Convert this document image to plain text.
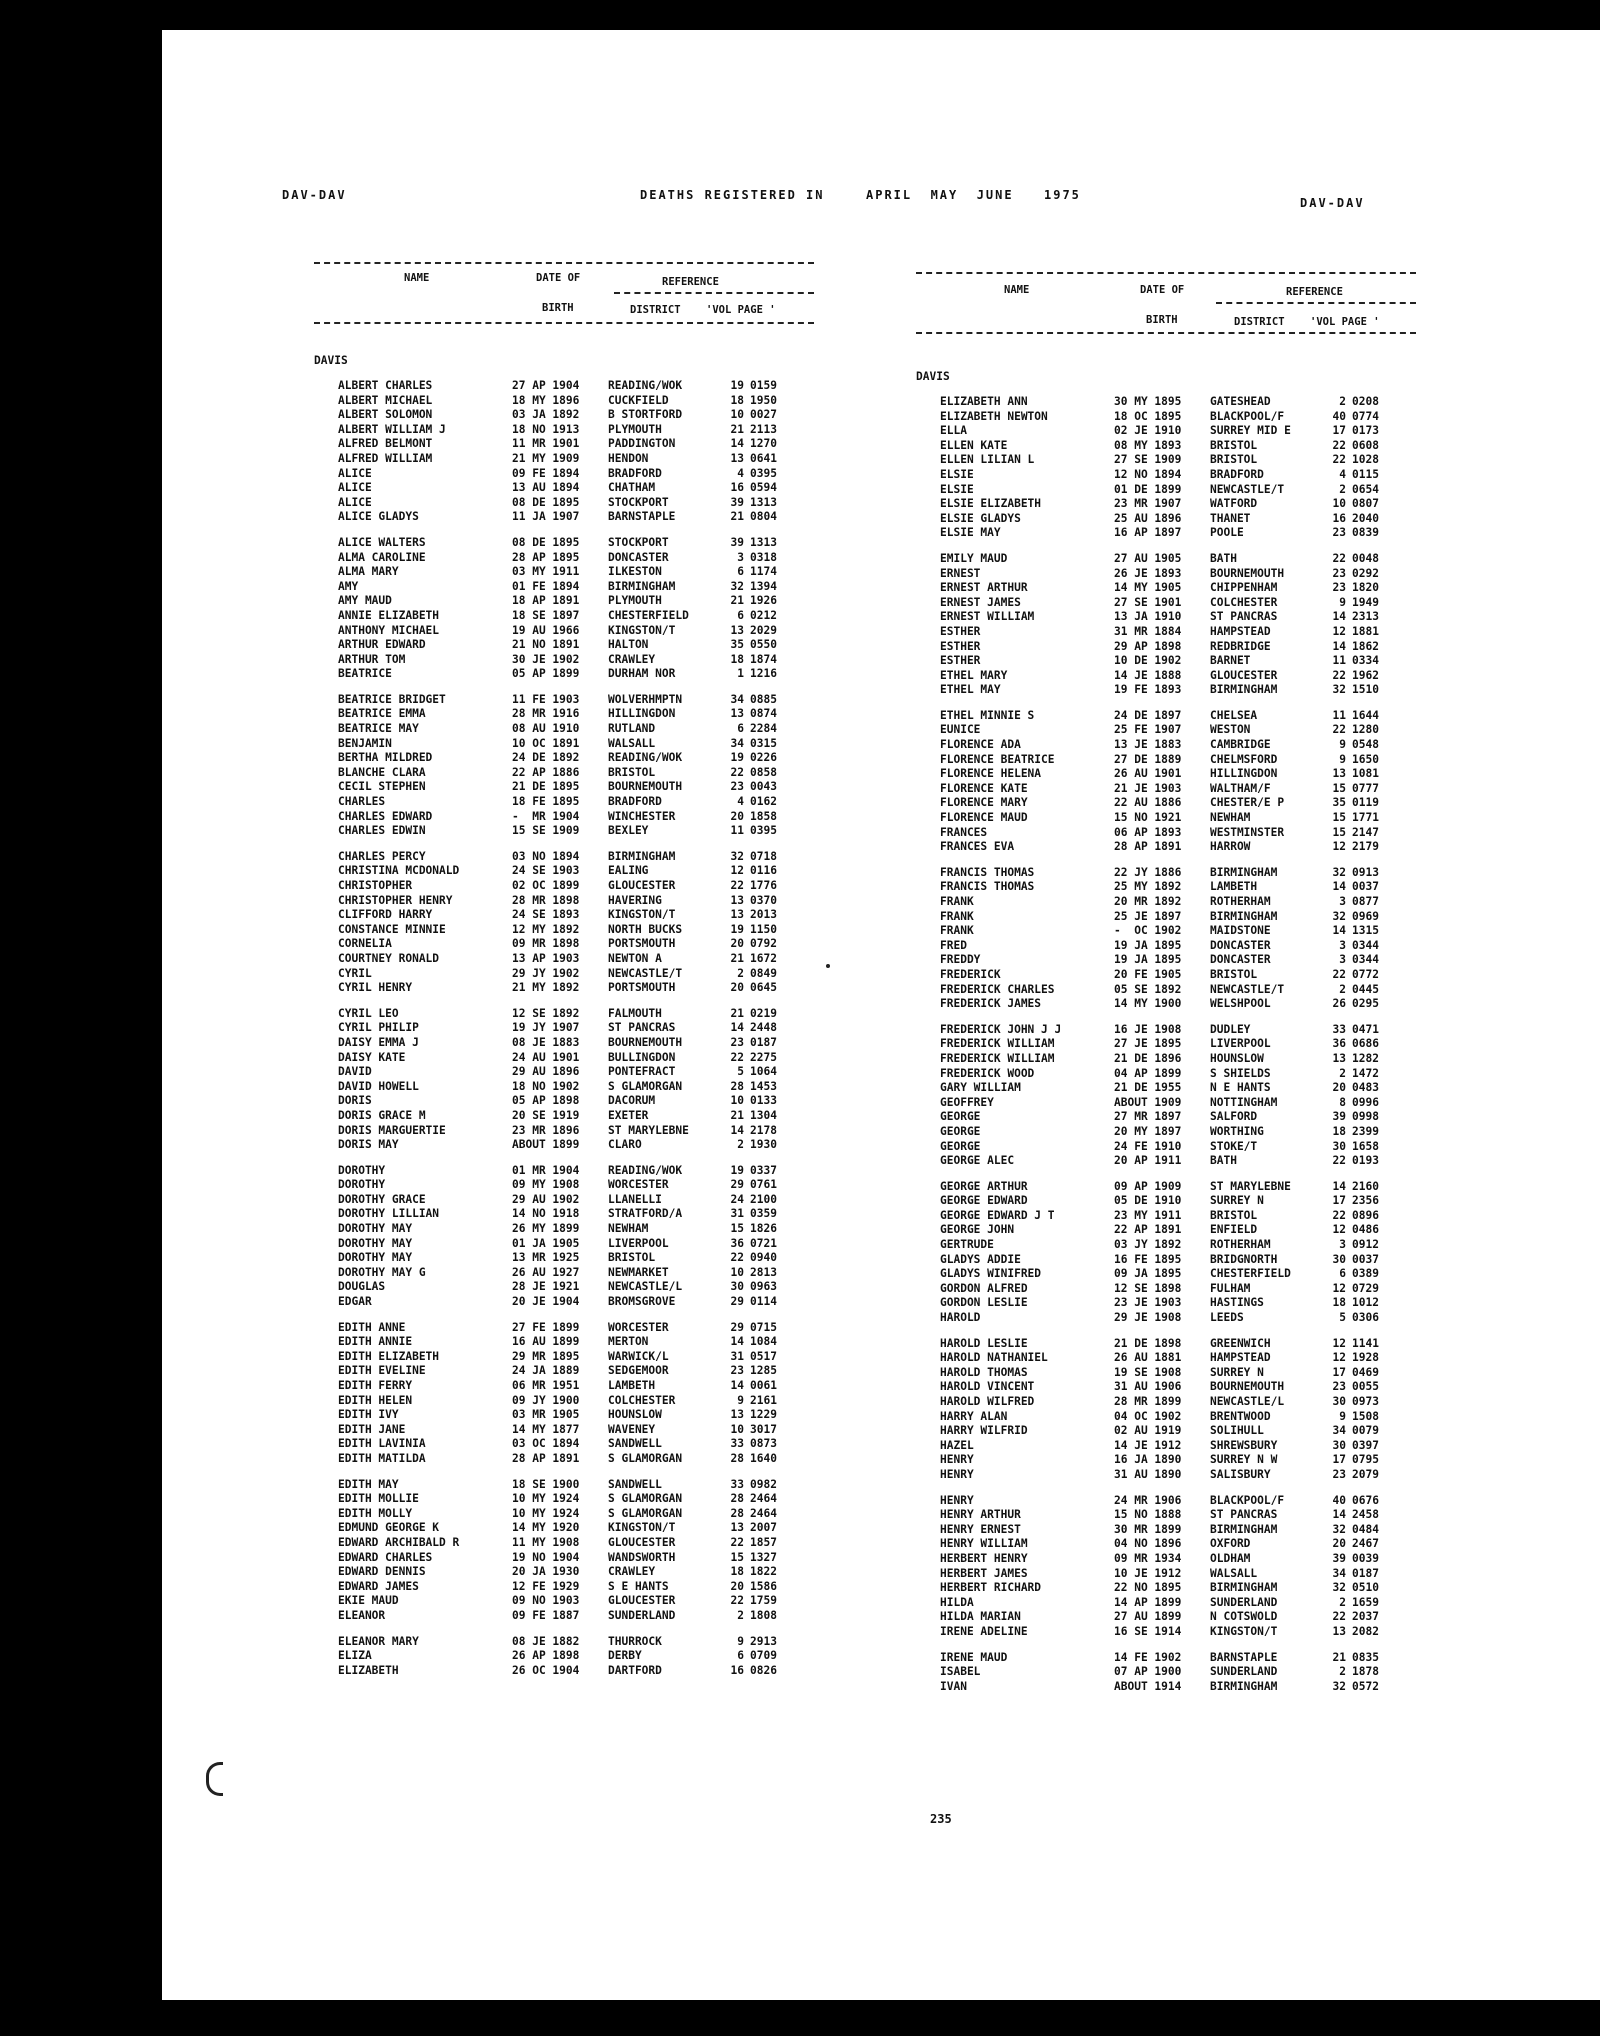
DAV-DAV	DEATHS REGISTERED IN	APRIL  MAY  JUNE	1975
DAV-DAV
NAME	DATE OF	REFERENCE
BIRTH	DISTRICT 'VOL PAGE '
DAVIS
ALBERT CHARLES	27 AP 1904	READING/WOK	19 0159
ALBERT MICHAEL	18 MY 1896	CUCKFIELD	18 1950
ALBERT SOLOMON	03 JA 1892	B STORTFORD	10 0027
ALBERT WILLIAM J	18 NO 1913	PLYMOUTH	21 2113
ALFRED BELMONT	11 MR 1901	PADDINGTON	14 1270
ALFRED WILLIAM	21 MY 1909	HENDON	13 0641
ALICE	09 FE 1894	BRADFORD	4 0395
ALICE	13 AU 1894	CHATHAM	16 0594
ALICE	08 DE 1895	STOCKPORT	39 1313
ALICE GLADYS	11 JA 1907	BARNSTAPLE	21 0804
ALICE WALTERS	08 DE 1895	STOCKPORT	39 1313
ALMA CAROLINE	28 AP 1895	DONCASTER	3 0318
ALMA MARY	03 MY 1911	ILKESTON	6 1174
AMY	01 FE 1894	BIRMINGHAM	32 1394
AMY MAUD	18 AP 1891	PLYMOUTH	21 1926
ANNIE ELIZABETH	18 SE 1897	CHESTERFIELD	6 0212
ANTHONY MICHAEL	19 AU 1966	KINGSTON/T	13 2029
ARTHUR EDWARD	21 NO 1891	HALTON	35 0550
ARTHUR TOM	30 JE 1902	CRAWLEY	18 1874
BEATRICE	05 AP 1899	DURHAM NOR	1 1216
BEATRICE BRIDGET	11 FE 1903	WOLVERHMPTN	34 0885
BEATRICE EMMA	28 MR 1916	HILLINGDON	13 0874
BEATRICE MAY	08 AU 1910	RUTLAND	6 2284
BENJAMIN	10 OC 1891	WALSALL	34 0315
BERTHA MILDRED	24 DE 1892	READING/WOK	19 0226
BLANCHE CLARA	22 AP 1886	BRISTOL	22 0858
CECIL STEPHEN	21 DE 1895	BOURNEMOUTH	23 0043
CHARLES	18 FE 1895	BRADFORD	4 0162
CHARLES EDWARD	-  MR 1904	WINCHESTER	20 1858
CHARLES EDWIN	15 SE 1909	BEXLEY	11 0395
CHARLES PERCY	03 NO 1894	BIRMINGHAM	32 0718
CHRISTINA MCDONALD	24 SE 1903	EALING	12 0116
CHRISTOPHER	02 OC 1899	GLOUCESTER	22 1776
CHRISTOPHER HENRY	28 MR 1898	HAVERING	13 0370
CLIFFORD HARRY	24 SE 1893	KINGSTON/T	13 2013
CONSTANCE MINNIE	12 MY 1892	NORTH BUCKS	19 1150
CORNELIA	09 MR 1898	PORTSMOUTH	20 0792
COURTNEY RONALD	13 AP 1903	NEWTON A	21 1672
CYRIL	29 JY 1902	NEWCASTLE/T	2 0849
CYRIL HENRY	21 MY 1892	PORTSMOUTH	20 0645
CYRIL LEO	12 SE 1892	FALMOUTH	21 0219
CYRIL PHILIP	19 JY 1907	ST PANCRAS	14 2448
DAISY EMMA J	08 JE 1883	BOURNEMOUTH	23 0187
DAISY KATE	24 AU 1901	BULLINGDON	22 2275
DAVID	29 AU 1896	PONTEFRACT	5 1064
DAVID HOWELL	18 NO 1902	S GLAMORGAN	28 1453
DORIS	05 AP 1898	DACORUM	10 0133
DORIS GRACE M	20 SE 1919	EXETER	21 1304
DORIS MARGUERTIE	23 MR 1896	ST MARYLEBNE	14 2178
DORIS MAY	ABOUT 1899	CLARO	2 1930
DOROTHY	01 MR 1904	READING/WOK	19 0337
DOROTHY	09 MY 1908	WORCESTER	29 0761
DOROTHY GRACE	29 AU 1902	LLANELLI	24 2100
DOROTHY LILLIAN	14 NO 1918	STRATFORD/A	31 0359
DOROTHY MAY	26 MY 1899	NEWHAM	15 1826
DOROTHY MAY	01 JA 1905	LIVERPOOL	36 0721
DOROTHY MAY	13 MR 1925	BRISTOL	22 0940
DOROTHY MAY G	26 AU 1927	NEWMARKET	10 2813
DOUGLAS	28 JE 1921	NEWCASTLE/L	30 0963
EDGAR	20 JE 1904	BROMSGROVE	29 0114
EDITH ANNE	27 FE 1899	WORCESTER	29 0715
EDITH ANNIE	16 AU 1899	MERTON	14 1084
EDITH ELIZABETH	29 MR 1895	WARWICK/L	31 0517
EDITH EVELINE	24 JA 1889	SEDGEMOOR	23 1285
EDITH FERRY	06 MR 1951	LAMBETH	14 0061
EDITH HELEN	09 JY 1900	COLCHESTER	9 2161
EDITH IVY	03 MR 1905	HOUNSLOW	13 1229
EDITH JANE	14 MY 1877	WAVENEY	10 3017
EDITH LAVINIA	03 OC 1894	SANDWELL	33 0873
EDITH MATILDA	28 AP 1891	S GLAMORGAN	28 1640
EDITH MAY	18 SE 1900	SANDWELL	33 0982
EDITH MOLLIE	10 MY 1924	S GLAMORGAN	28 2464
EDITH MOLLY	10 MY 1924	S GLAMORGAN	28 2464
EDMUND GEORGE K	14 MY 1920	KINGSTON/T	13 2007
EDWARD ARCHIBALD R	11 MY 1908	GLOUCESTER	22 1857
EDWARD CHARLES	19 NO 1904	WANDSWORTH	15 1327
EDWARD DENNIS	20 JA 1930	CRAWLEY	18 1822
EDWARD JAMES	12 FE 1929	S E HANTS	20 1586
EKIE MAUD	09 NO 1903	GLOUCESTER	22 1759
ELEANOR	09 FE 1887	SUNDERLAND	2 1808
ELEANOR MARY	08 JE 1882	THURROCK	9 2913
ELIZA	26 AP 1898	DERBY	6 0709
ELIZABETH	26 OC 1904	DARTFORD	16 0826
NAME	DATE OF	REFERENCE
BIRTH	DISTRICT 'VOL PAGE '
DAVIS
ELIZABETH ANN	30 MY 1895	GATESHEAD	2 0208
ELIZABETH NEWTON	18 OC 1895	BLACKPOOL/F	40 0774
ELLA	02 JE 1910	SURREY MID E	17 0173
ELLEN KATE	08 MY 1893	BRISTOL	22 0608
ELLEN LILIAN L	27 SE 1909	BRISTOL	22 1028
ELSIE	12 NO 1894	BRADFORD	4 0115
ELSIE	01 DE 1899	NEWCASTLE/T	2 0654
ELSIE ELIZABETH	23 MR 1907	WATFORD	10 0807
ELSIE GLADYS	25 AU 1896	THANET	16 2040
ELSIE MAY	16 AP 1897	POOLE	23 0839
EMILY MAUD	27 AU 1905	BATH	22 0048
ERNEST	26 JE 1893	BOURNEMOUTH	23 0292
ERNEST ARTHUR	14 MY 1905	CHIPPENHAM	23 1820
ERNEST JAMES	27 SE 1901	COLCHESTER	9 1949
ERNEST WILLIAM	13 JA 1910	ST PANCRAS	14 2313
ESTHER	31 MR 1884	HAMPSTEAD	12 1881
ESTHER	29 AP 1898	REDBRIDGE	14 1862
ESTHER	10 DE 1902	BARNET	11 0334
ETHEL MARY	14 JE 1888	GLOUCESTER	22 1962
ETHEL MAY	19 FE 1893	BIRMINGHAM	32 1510
ETHEL MINNIE S	24 DE 1897	CHELSEA	11 1644
EUNICE	25 FE 1907	WESTON	22 1280
FLORENCE ADA	13 JE 1883	CAMBRIDGE	9 0548
FLORENCE BEATRICE	27 DE 1889	CHELMSFORD	9 1650
FLORENCE HELENA	26 AU 1901	HILLINGDON	13 1081
FLORENCE KATE	21 JE 1903	WALTHAM/F	15 0777
FLORENCE MARY	22 AU 1886	CHESTER/E P	35 0119
FLORENCE MAUD	15 NO 1921	NEWHAM	15 1771
FRANCES	06 AP 1893	WESTMINSTER	15 2147
FRANCES EVA	28 AP 1891	HARROW	12 2179
FRANCIS THOMAS	22 JY 1886	BIRMINGHAM	32 0913
FRANCIS THOMAS	25 MY 1892	LAMBETH	14 0037
FRANK	20 MR 1892	ROTHERHAM	3 0877
FRANK	25 JE 1897	BIRMINGHAM	32 0969
FRANK	-  OC 1902	MAIDSTONE	14 1315
FRED	19 JA 1895	DONCASTER	3 0344
FREDDY	19 JA 1895	DONCASTER	3 0344
FREDERICK	20 FE 1905	BRISTOL	22 0772
FREDERICK CHARLES	05 SE 1892	NEWCASTLE/T	2 0445
FREDERICK JAMES	14 MY 1900	WELSHPOOL	26 0295
FREDERICK JOHN J J	16 JE 1908	DUDLEY	33 0471
FREDERICK WILLIAM	27 JE 1895	LIVERPOOL	36 0686
FREDERICK WILLIAM	21 DE 1896	HOUNSLOW	13 1282
FREDERICK WOOD	04 AP 1899	S SHIELDS	2 1472
GARY WILLIAM	21 DE 1955	N E HANTS	20 0483
GEOFFREY	ABOUT 1909	NOTTINGHAM	8 0996
GEORGE	27 MR 1897	SALFORD	39 0998
GEORGE	20 MY 1897	WORTHING	18 2399
GEORGE	24 FE 1910	STOKE/T	30 1658
GEORGE ALEC	20 AP 1911	BATH	22 0193
GEORGE ARTHUR	09 AP 1909	ST MARYLEBNE	14 2160
GEORGE EDWARD	05 DE 1910	SURREY N	17 2356
GEORGE EDWARD J T	23 MY 1911	BRISTOL	22 0896
GEORGE JOHN	22 AP 1891	ENFIELD	12 0486
GERTRUDE	03 JY 1892	ROTHERHAM	3 0912
GLADYS ADDIE	16 FE 1895	BRIDGNORTH	30 0037
GLADYS WINIFRED	09 JA 1895	CHESTERFIELD	6 0389
GORDON ALFRED	12 SE 1898	FULHAM	12 0729
GORDON LESLIE	23 JE 1903	HASTINGS	18 1012
HAROLD	29 JE 1908	LEEDS	5 0306
HAROLD LESLIE	21 DE 1898	GREENWICH	12 1141
HAROLD NATHANIEL	26 AU 1881	HAMPSTEAD	12 1928
HAROLD THOMAS	19 SE 1908	SURREY N	17 0469
HAROLD VINCENT	31 AU 1906	BOURNEMOUTH	23 0055
HAROLD WILFRED	28 MR 1899	NEWCASTLE/L	30 0973
HARRY ALAN	04 OC 1902	BRENTWOOD	9 1508
HARRY WILFRID	02 AU 1919	SOLIHULL	34 0079
HAZEL	14 JE 1912	SHREWSBURY	30 0397
HENRY	16 JA 1890	SURREY N W	17 0795
HENRY	31 AU 1890	SALISBURY	23 2079
HENRY	24 MR 1906	BLACKPOOL/F	40 0676
HENRY ARTHUR	15 NO 1888	ST PANCRAS	14 2458
HENRY ERNEST	30 MR 1899	BIRMINGHAM	32 0484
HENRY WILLIAM	04 NO 1896	OXFORD	20 2467
HERBERT HENRY	09 MR 1934	OLDHAM	39 0039
HERBERT JAMES	10 JE 1912	WALSALL	34 0187
HERBERT RICHARD	22 NO 1895	BIRMINGHAM	32 0510
HILDA	14 AP 1899	SUNDERLAND	2 1659
HILDA MARIAN	27 AU 1899	N COTSWOLD	22 2037
IRENE ADELINE	16 SE 1914	KINGSTON/T	13 2082
IRENE MAUD	14 FE 1902	BARNSTAPLE	21 0835
ISABEL	07 AP 1900	SUNDERLAND	2 1878
IVAN	ABOUT 1914	BIRMINGHAM	32 0572
235
